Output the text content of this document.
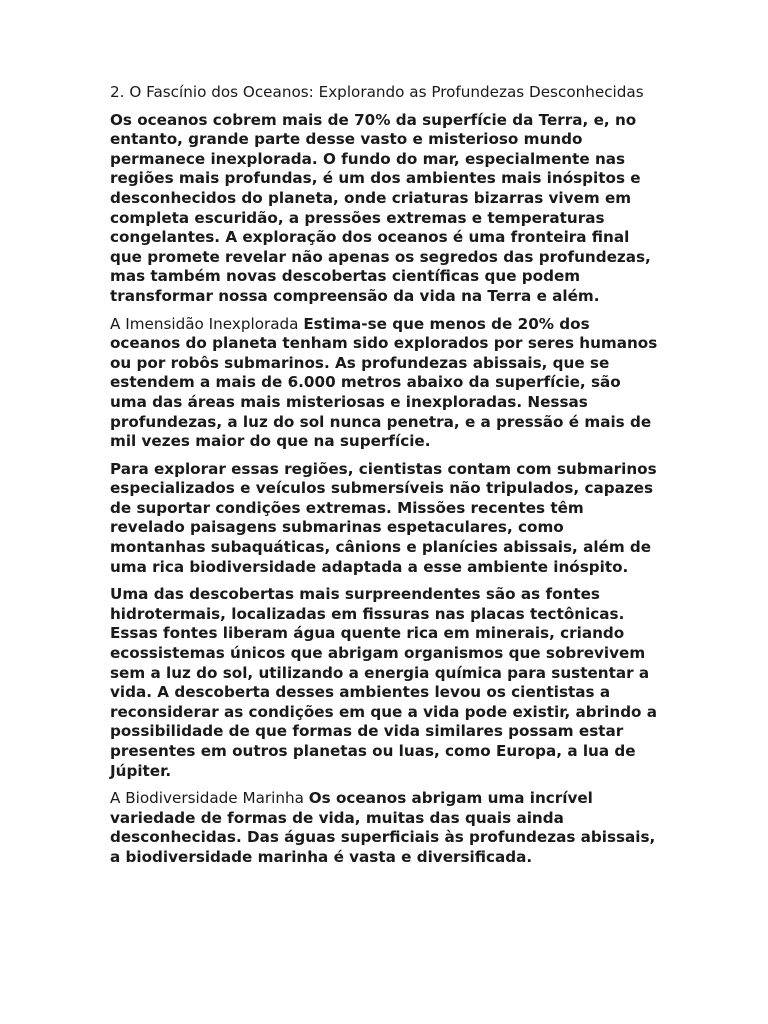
2. O Fascínio dos Oceanos: Explorando as Profundezas Desconhecidas

Os oceanos cobrem mais de 70% da superfície da Terra, e, no entanto, grande parte desse vasto e misterioso mundo permanece inexplorada. O fundo do mar, especialmente nas regiões mais profundas, é um dos ambientes mais inóspitos e desconhecidos do planeta, onde criaturas bizarras vivem em completa escuridão, a pressões extremas e temperaturas congelantes. A exploração dos oceanos é uma fronteira final que promete revelar não apenas os segredos das profundezas, mas também novas descobertas científicas que podem transformar nossa compreensão da vida na Terra e além.

A Imensidão Inexplorada Estima-se que menos de 20% dos oceanos do planeta tenham sido explorados por seres humanos ou por robôs submarinos. As profundezas abissais, que se estendem a mais de 6.000 metros abaixo da superfície, são uma das áreas mais misteriosas e inexploradas. Nessas profundezas, a luz do sol nunca penetra, e a pressão é mais de mil vezes maior do que na superfície.

Para explorar essas regiões, cientistas contam com submarinos especializados e veículos submersíveis não tripulados, capazes de suportar condições extremas. Missões recentes têm revelado paisagens submarinas espetaculares, como montanhas subaquáticas, cânions e planícies abissais, além de uma rica biodiversidade adaptada a esse ambiente inóspito.

Uma das descobertas mais surpreendentes são as fontes hidrotermais, localizadas em fissuras nas placas tectônicas. Essas fontes liberam água quente rica em minerais, criando ecossistemas únicos que abrigam organismos que sobrevivem sem a luz do sol, utilizando a energia química para sustentar a vida. A descoberta desses ambientes levou os cientistas a reconsiderar as condições em que a vida pode existir, abrindo a possibilidade de que formas de vida similares possam estar presentes em outros planetas ou luas, como Europa, a lua de Júpiter.

A Biodiversidade Marinha Os oceanos abrigam uma incrível variedade de formas de vida, muitas das quais ainda desconhecidas. Das águas superficiais às profundezas abissais, a biodiversidade marinha é vasta e diversificada.
